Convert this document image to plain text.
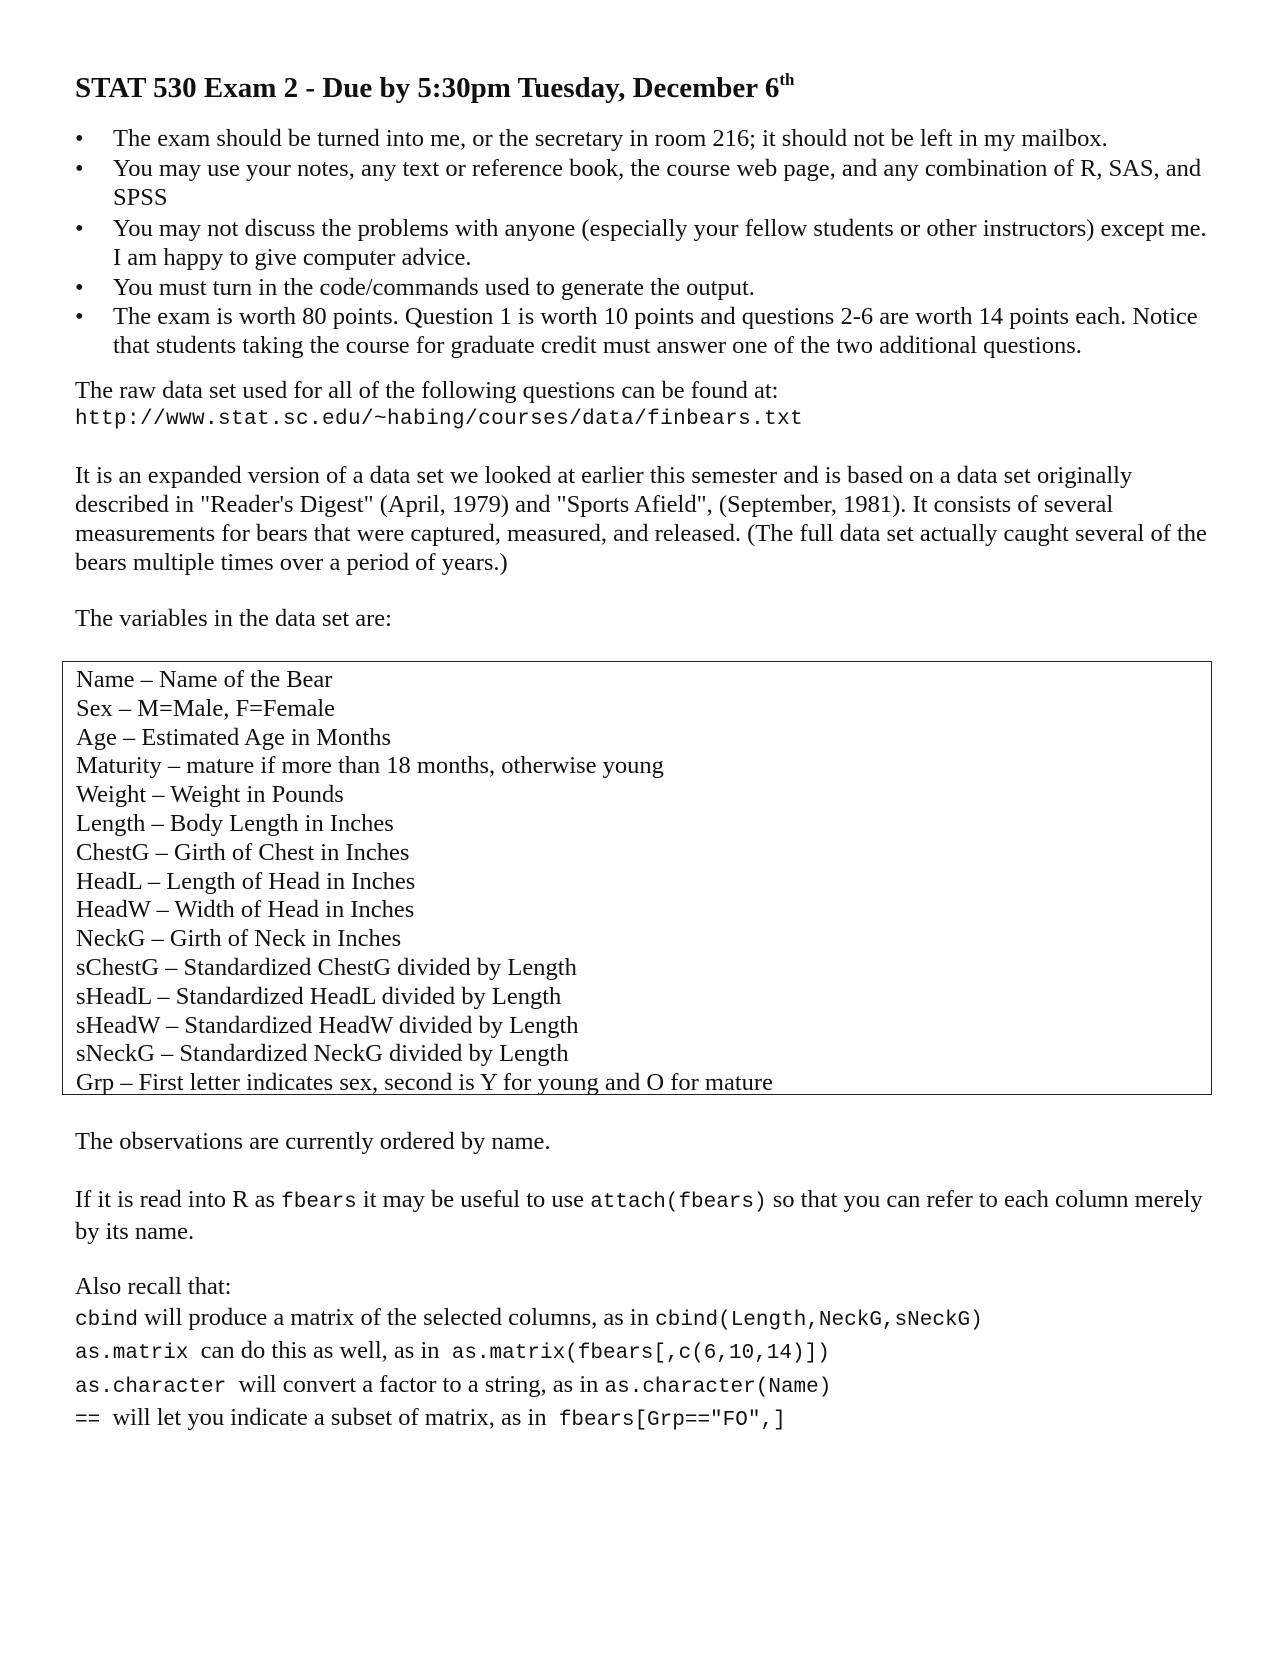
STAT 530 Exam 2 - Due by 5:30pm Tuesday, December 6th
• The exam should be turned into me, or the secretary in room 216; it should not be left in my mailbox.
• You may use your notes, any text or reference book, the course web page, and any combination of R, SAS, and SPSS
• You may not discuss the problems with anyone (especially your fellow students or other instructors) except me. I am happy to give computer advice.
• You must turn in the code/commands used to generate the output.
• The exam is worth 80 points. Question 1 is worth 10 points and questions 2-6 are worth 14 points each. Notice that students taking the course for graduate credit must answer one of the two additional questions.

The raw data set used for all of the following questions can be found at:
http://www.stat.sc.edu/~habing/courses/data/finbears.txt

It is an expanded version of a data set we looked at earlier this semester and is based on a data set originally described in "Reader's Digest" (April, 1979) and "Sports Afield", (September, 1981). It consists of several measurements for bears that were captured, measured, and released. (The full data set actually caught several of the bears multiple times over a period of years.)

The variables in the data set are:

Name – Name of the Bear
Sex – M=Male, F=Female
Age – Estimated Age in Months
Maturity – mature if more than 18 months, otherwise young
Weight – Weight in Pounds
Length – Body Length in Inches
ChestG – Girth of Chest in Inches
HeadL – Length of Head in Inches
HeadW – Width of Head in Inches
NeckG – Girth of Neck in Inches
sChestG – Standardized ChestG divided by Length
sHeadL – Standardized HeadL divided by Length
sHeadW – Standardized HeadW divided by Length
sNeckG – Standardized NeckG divided by Length
Grp – First letter indicates sex, second is Y for young and O for mature

The observations are currently ordered by name.

If it is read into R as fbears it may be useful to use attach(fbears) so that you can refer to each column merely by its name.

Also recall that:
cbind will produce a matrix of the selected columns, as in cbind(Length,NeckG,sNeckG)
as.matrix  can do this as well, as in  as.matrix(fbears[,c(6,10,14)])
as.character  will convert a factor to a string, as in as.character(Name)
==  will let you indicate a subset of matrix, as in  fbears[Grp=="FO",]
